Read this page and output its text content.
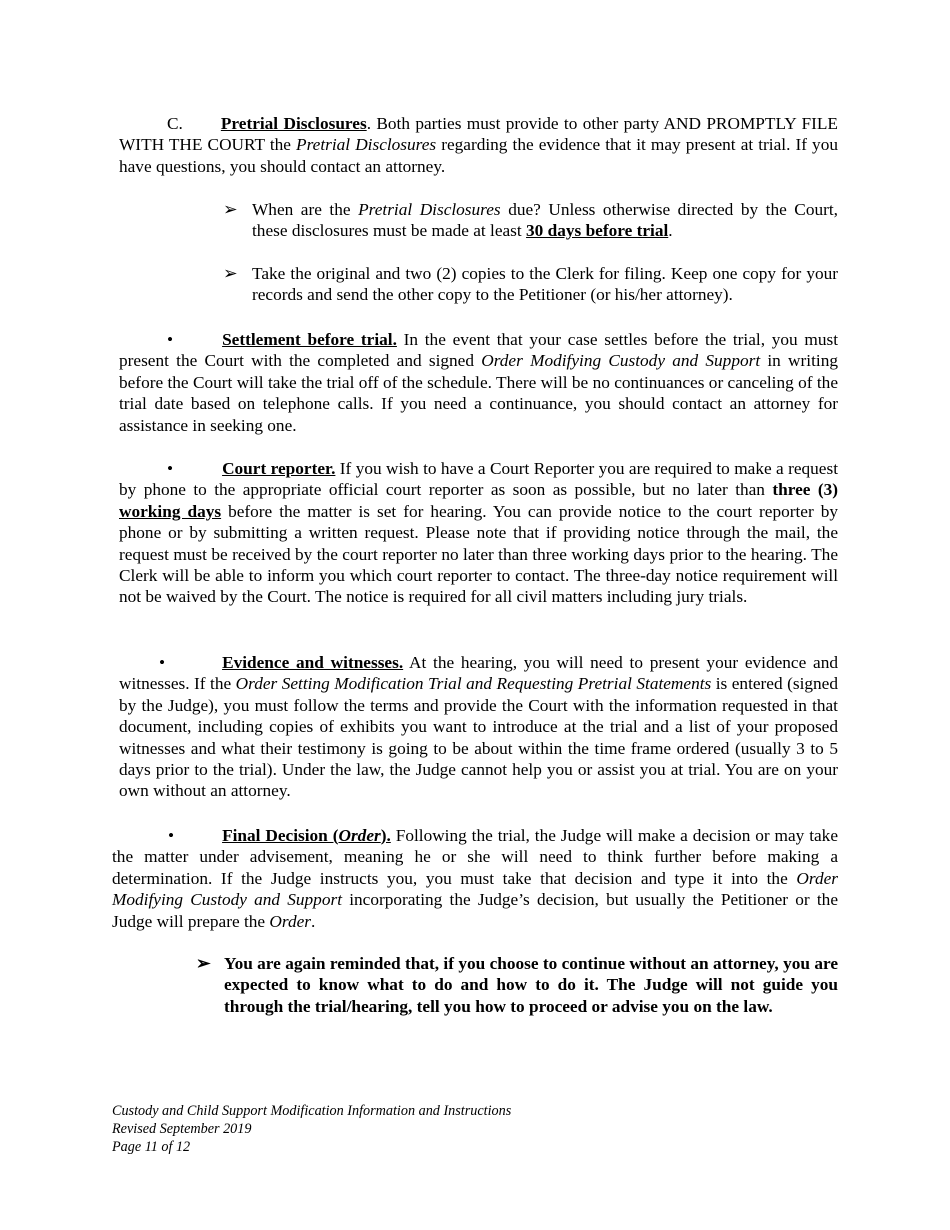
C. Pretrial Disclosures. Both parties must provide to other party AND PROMPTLY FILE WITH THE COURT the Pretrial Disclosures regarding the evidence that it may present at trial. If you have questions, you should contact an attorney.

➢ When are the Pretrial Disclosures due? Unless otherwise directed by the Court, these disclosures must be made at least 30 days before trial.

➢ Take the original and two (2) copies to the Clerk for filing. Keep one copy for your records and send the other copy to the Petitioner (or his/her attorney).

•	Settlement before trial. In the event that your case settles before the trial, you must present the Court with the completed and signed Order Modifying Custody and Support in writing before the Court will take the trial off of the schedule. There will be no continuances or canceling of the trial date based on telephone calls. If you need a continuance, you should contact an attorney for assistance in seeking one.

•	Court reporter. If you wish to have a Court Reporter you are required to make a request by phone to the appropriate official court reporter as soon as possible, but no later than three (3) working days before the matter is set for hearing. You can provide notice to the court reporter by phone or by submitting a written request. Please note that if providing notice through the mail, the request must be received by the court reporter no later than three working days prior to the hearing. The Clerk will be able to inform you which court reporter to contact. The three-day notice requirement will not be waived by the Court. The notice is required for all civil matters including jury trials.

•	Evidence and witnesses. At the hearing, you will need to present your evidence and witnesses. If the Order Setting Modification Trial and Requesting Pretrial Statements is entered (signed by the Judge), you must follow the terms and provide the Court with the information requested in that document, including copies of exhibits you want to introduce at the trial and a list of your proposed witnesses and what their testimony is going to be about within the time frame ordered (usually 3 to 5 days prior to the trial). Under the law, the Judge cannot help you or assist you at trial. You are on your own without an attorney.

•	Final Decision (Order). Following the trial, the Judge will make a decision or may take the matter under advisement, meaning he or she will need to think further before making a determination. If the Judge instructs you, you must take that decision and type it into the Order Modifying Custody and Support incorporating the Judge’s decision, but usually the Petitioner or the Judge will prepare the Order.

➢ You are again reminded that, if you choose to continue without an attorney, you are expected to know what to do and how to do it. The Judge will not guide you through the trial/hearing, tell you how to proceed or advise you on the law.

Custody and Child Support Modification Information and Instructions
Revised September 2019
Page 11 of 12
